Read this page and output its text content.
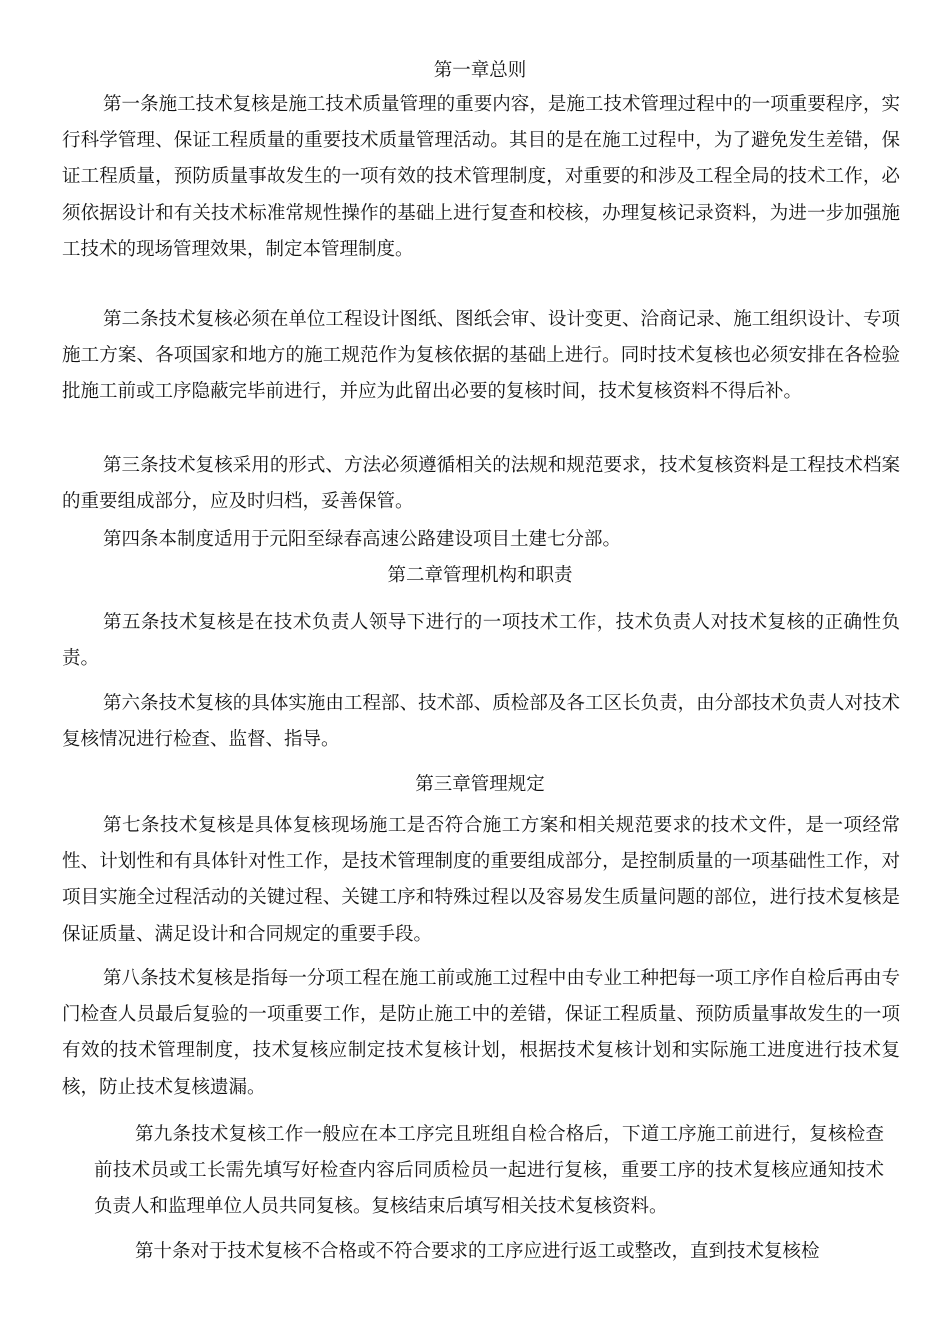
第一章总则
第一条施工技术复核是施工技术质量管理的重要内容，是施工技术管理过程中的一项重要程序，实行科学管理、保证工程质量的重要技术质量管理活动。其目的是在施工过程中，为了避免发生差错，保证工程质量，预防质量事故发生的一项有效的技术管理制度，对重要的和涉及工程全局的技术工作，必须依据设计和有关技术标准常规性操作的基础上进行复查和校核，办理复核记录资料，为进一步加强施工技术的现场管理效果，制定本管理制度。
第二条技术复核必须在单位工程设计图纸、图纸会审、设计变更、洽商记录、施工组织设计、专项施工方案、各项国家和地方的施工规范作为复核依据的基础上进行。同时技术复核也必须安排在各检验批施工前或工序隐蔽完毕前进行，并应为此留出必要的复核时间，技术复核资料不得后补。
第三条技术复核采用的形式、方法必须遵循相关的法规和规范要求，技术复核资料是工程技术档案的重要组成部分，应及时归档，妥善保管。
第四条本制度适用于元阳至绿春高速公路建设项目土建七分部。
第二章管理机构和职责
第五条技术复核是在技术负责人领导下进行的一项技术工作，技术负责人对技术复核的正确性负责。
第六条技术复核的具体实施由工程部、技术部、质检部及各工区长负责，由分部技术负责人对技术复核情况进行检查、监督、指导。
第三章管理规定
第七条技术复核是具体复核现场施工是否符合施工方案和相关规范要求的技术文件，是一项经常性、计划性和有具体针对性工作，是技术管理制度的重要组成部分，是控制质量的一项基础性工作，对项目实施全过程活动的关键过程、关键工序和特殊过程以及容易发生质量问题的部位，进行技术复核是保证质量、满足设计和合同规定的重要手段。
第八条技术复核是指每一分项工程在施工前或施工过程中由专业工种把每一项工序作自检后再由专门检查人员最后复验的一项重要工作，是防止施工中的差错，保证工程质量、预防质量事故发生的一项有效的技术管理制度，技术复核应制定技术复核计划，根据技术复核计划和实际施工进度进行技术复核，防止技术复核遗漏。
第九条技术复核工作一般应在本工序完且班组自检合格后，下道工序施工前进行，复核检查前技术员或工长需先填写好检查内容后同质检员一起进行复核，重要工序的技术复核应通知技术负责人和监理单位人员共同复核。复核结束后填写相关技术复核资料。
第十条对于技术复核不合格或不符合要求的工序应进行返工或整改，直到技术复核检
